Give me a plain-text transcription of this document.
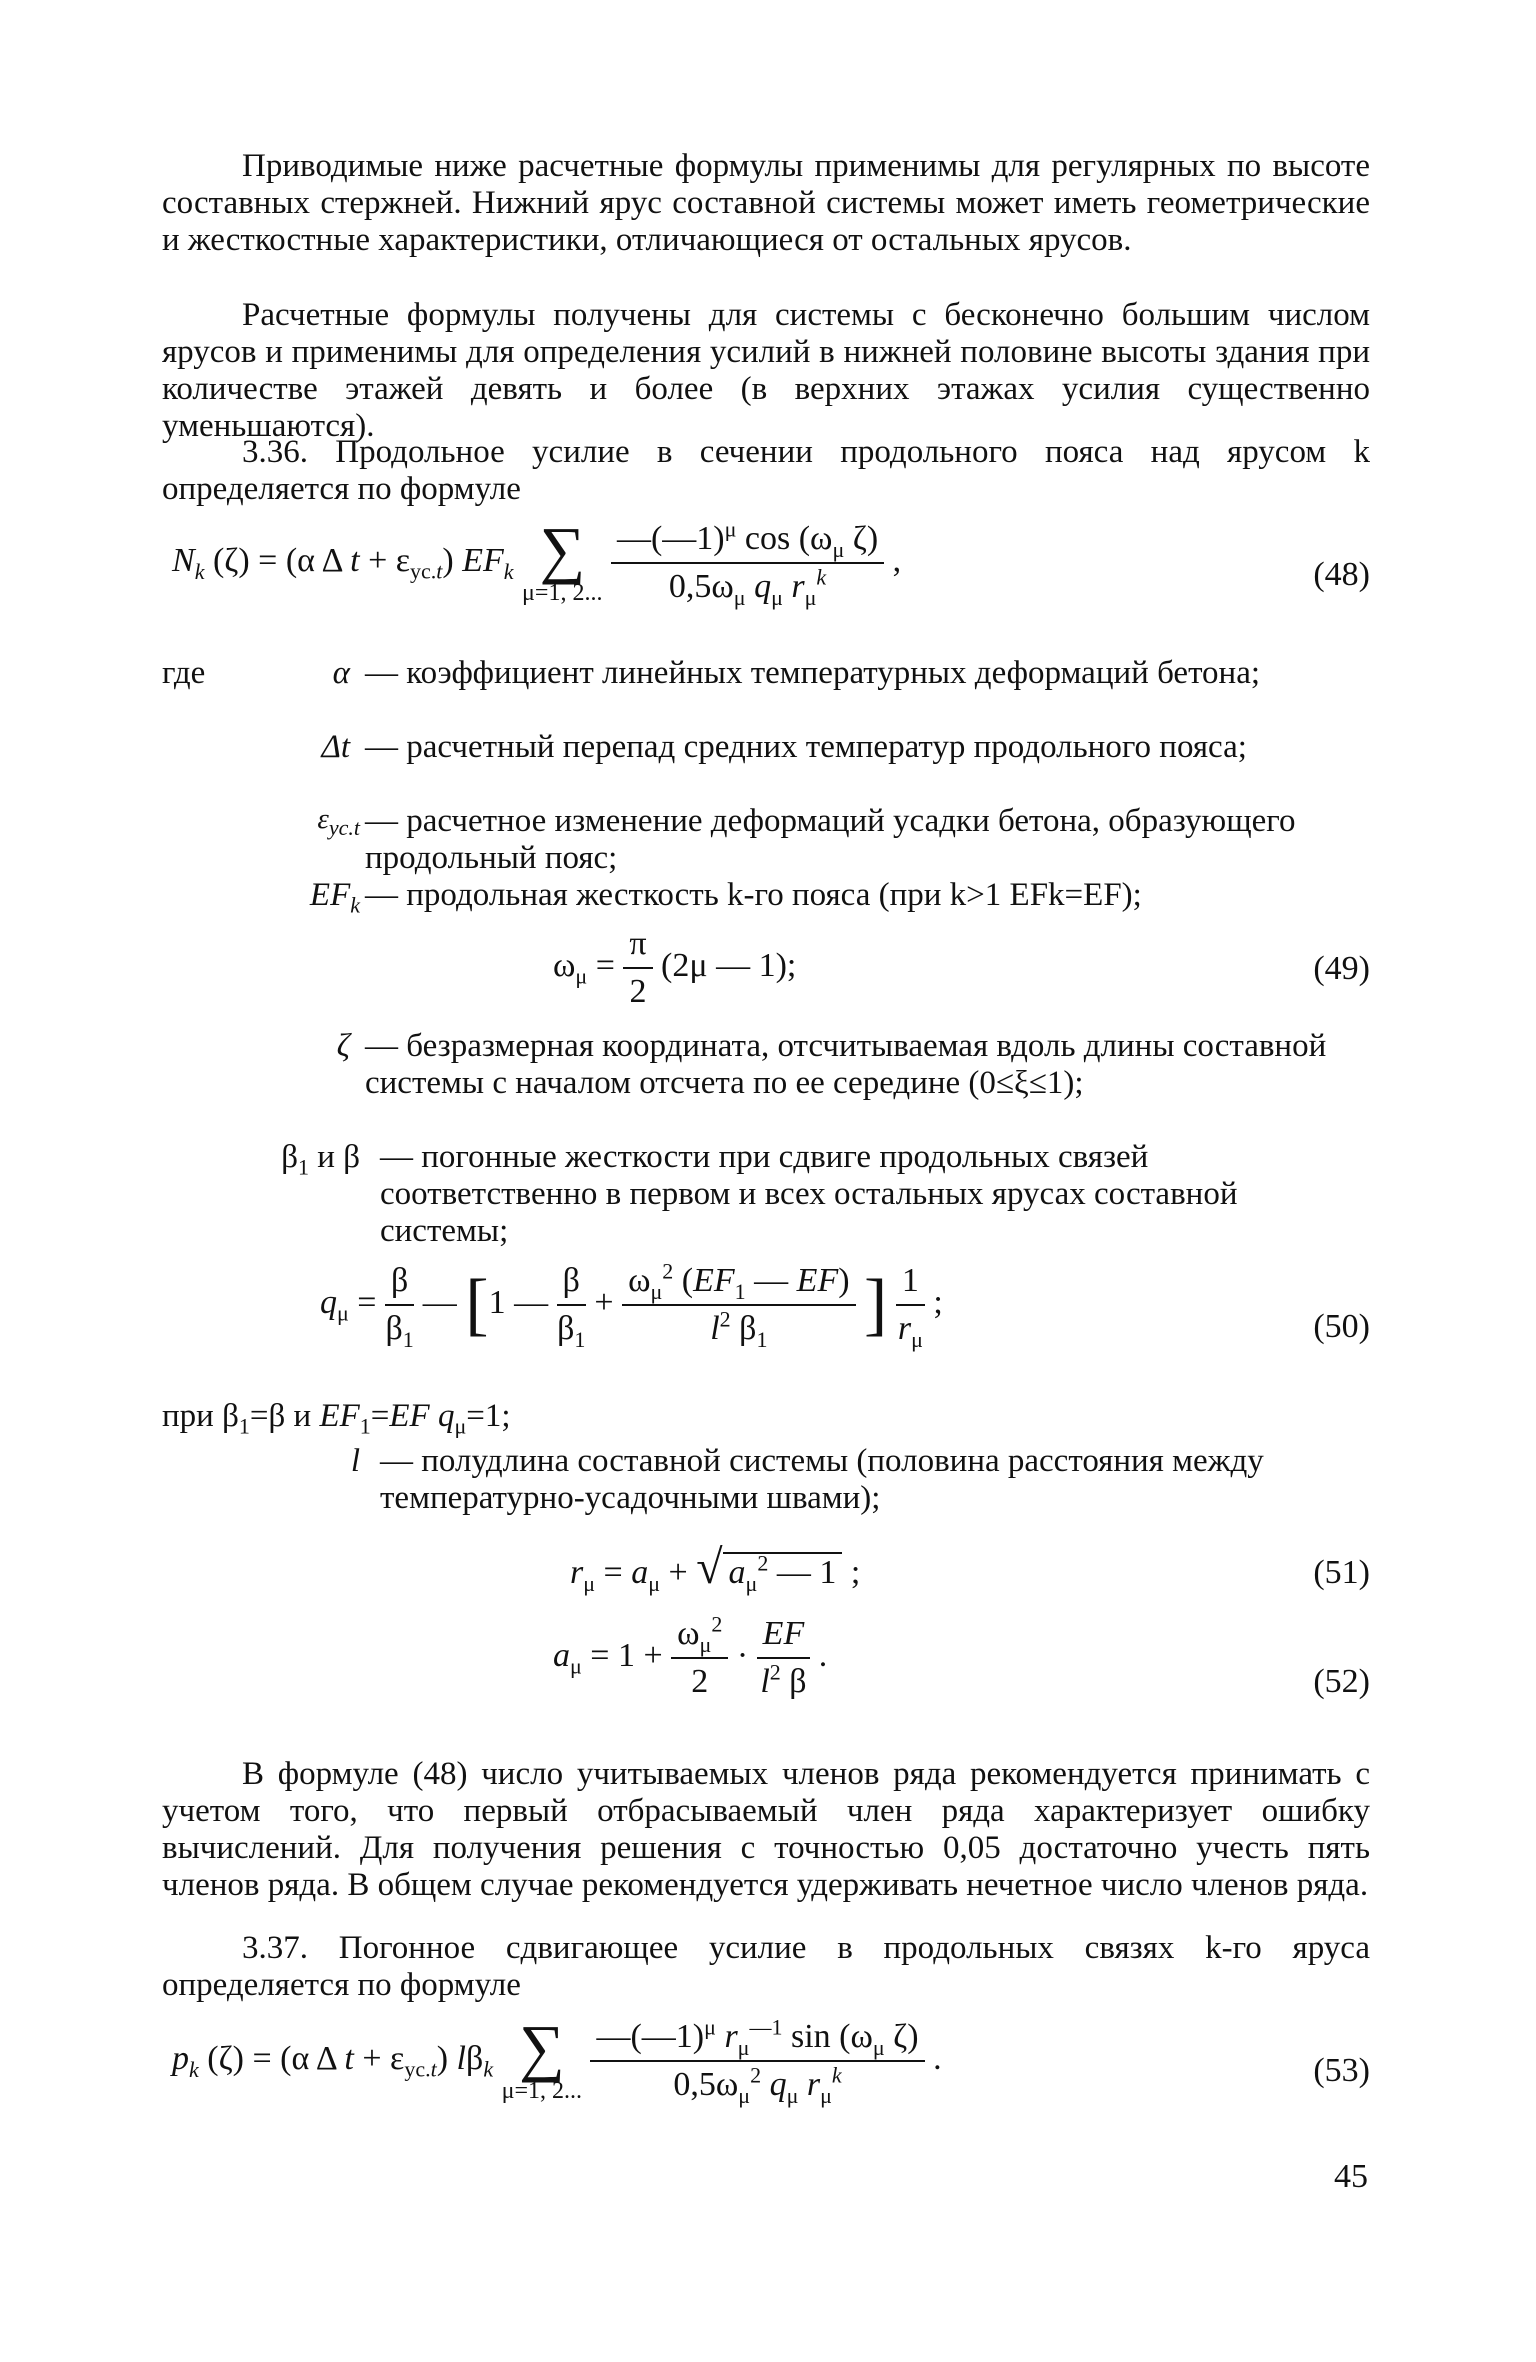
Приводимые ниже расчетные формулы применимы для регулярных по высоте составных стержней. Нижний ярус составной системы может иметь геометрические и жесткостные характеристики, отличающиеся от остальных ярусов.

Расчетные формулы получены для системы с бесконечно большим числом ярусов и применимы для определения усилий в нижней половине высоты здания при количестве этажей девять и более (в верхних этажах усилия существенно уменьшаются).

3.36. Продольное усилие в сечении продольного пояса над ярусом k определяется по формуле

$N_k$ (ζ) = (α Δ $t + \varepsilon_{ус.t}$) $EF_k$ ∑
μ=1, 2...
$\frac{—(—1)^\mu \cos (\omega_\mu \zeta)}{0,5\omega_\mu q_\mu r_\mu^k}$ ,	(48)
где	α — коэффициент линейных температурных деформаций бетона;
Δt — расчетный перепад средних температур продольного пояса;
$\varepsilon_{ус.t}$ — расчетное изменение деформаций усадки бетона, образующего продольный пояс;
$EF_k$ — продольная жесткость k-го пояса (при k>1 EFk=EF);
$\omega_\mu = \frac{\pi}{2} (2\mu$ — 1);	(49)
ζ — безразмерная координата, отсчитываемая вдоль длины составной системы с началом отсчета по ее середине (0≤ξ≤1);
$\beta_1$ и β — погонные жесткости при сдвиге продольных связей соответственно в первом и всех остальных ярусах составной системы;
$q_\mu = \frac{\beta}{\beta_1}$ — [1 — $\frac{\beta}{\beta_1} + \frac{\omega_\mu^2 (EF_1 — EF)}{l^2 \beta_1}$ ] $\frac{1}{r_\mu}$ ;
(50)
при $\beta_1=\beta$ и $EF_1=EF$ $q_\mu=1$;
l — полудлина составной системы (половина расстояния между температурно-усадочными швами);
$r_\mu = a_\mu$ + √ $a_\mu^2$ — 1 ;	(51)
$a_\mu = 1 + \frac{\omega_\mu^2}{2} \cdot \frac{EF}{l^2 \beta}$ .
(52)

В формуле (48) число учитываемых членов ряда рекомендуется принимать с учетом того, что первый отбрасываемый член ряда характеризует ошибку вычислений. Для получения решения с точностью 0,05 достаточно учесть пять членов ряда. В общем случае рекомендуется удерживать нечетное число членов ряда.

3.37. Погонное сдвигающее усилие в продольных связях k-го яруса определяется по формуле

$p_k$ (ζ) = (α Δ $t + \varepsilon_{ус.t}$) $l\beta_k$ ∑
μ=1, 2...
$\frac{—(—1)^\mu r_\mu^{—1} \sin (\omega_\mu \zeta)}{0,5\omega_\mu^2 q_\mu r_\mu^k}$ .	(53)
45
